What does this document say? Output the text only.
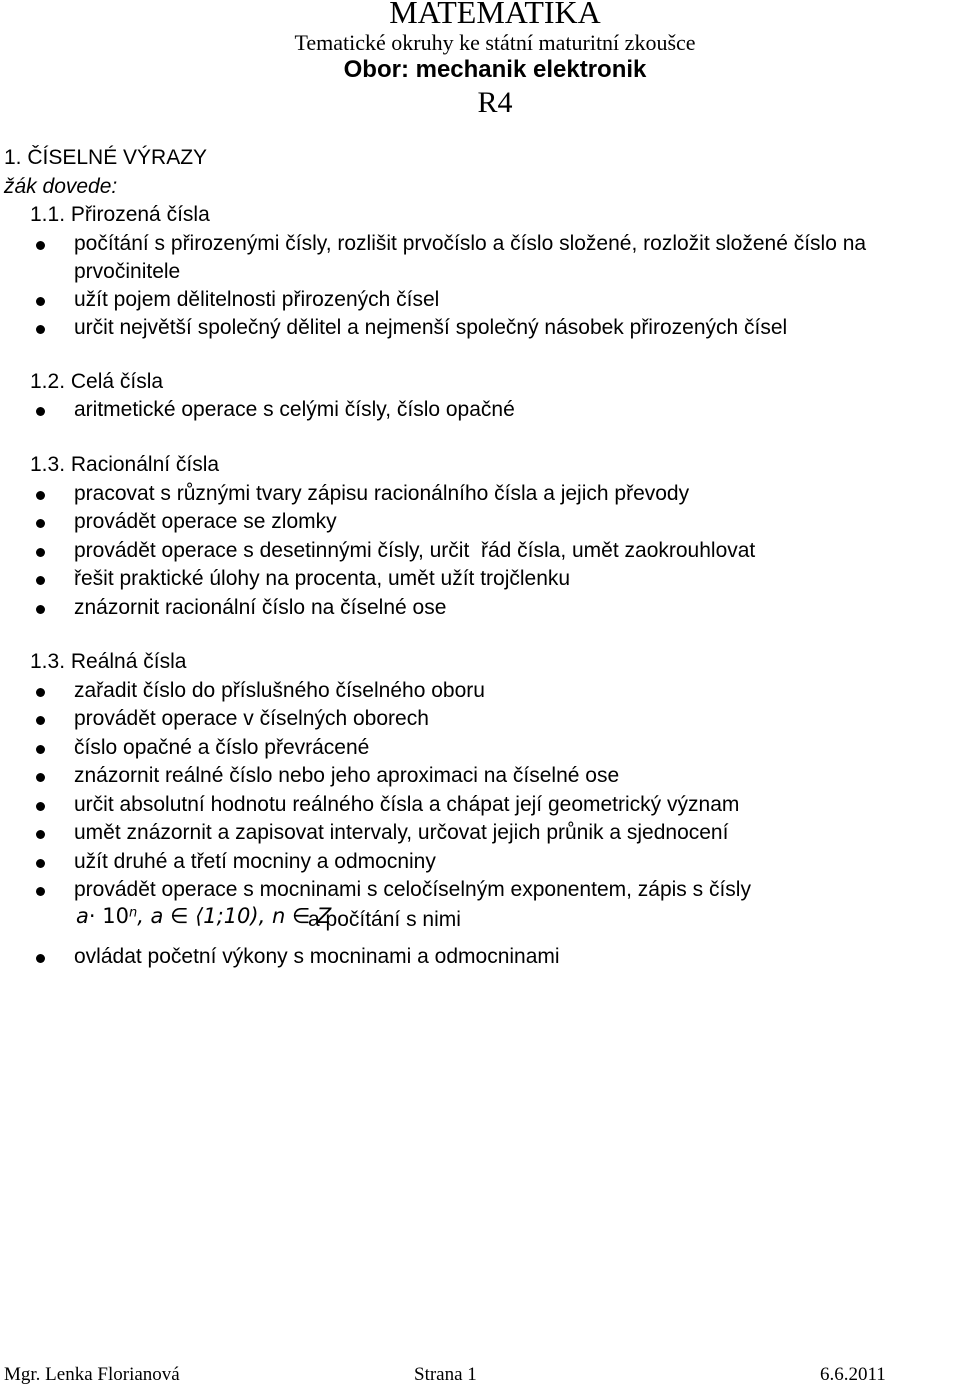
MATEMATIKA
Tematické okruhy ke státní maturitní zkoušce
Obor: mechanik elektronik
R4
1. ČÍSELNÉ VÝRAZY
žák dovede:
1.1. Přirozená čísla
počítání s přirozenými čísly, rozlišit prvočíslo a číslo složené, rozložit složené číslo na
prvočinitele
užít pojem dělitelnosti přirozených čísel
určit největší společný dělitel a nejmenší společný násobek přirozených čísel
1.2. Celá čísla
aritmetické operace s celými čísly, číslo opačné
1.3. Racionální čísla
pracovat s různými tvary zápisu racionálního čísla a jejich převody
provádět operace se zlomky
provádět operace s desetinnými čísly, určit  řád čísla, umět zaokrouhlovat
řešit praktické úlohy na procenta, umět užít trojčlenku
znázornit racionální číslo na číselné ose
1.3. Reálná čísla
zařadit číslo do příslušného číselného oboru
provádět operace v číselných oborech
číslo opačné a číslo převrácené
znázornit reálné číslo nebo jeho aproximaci na číselné ose
určit absolutní hodnotu reálného čísla a chápat její geometrický význam
umět znázornit a zapisovat intervaly, určovat jejich průnik a sjednocení
užít druhé a třetí mocniny a odmocniny
provádět operace s mocninami s celočíselným exponentem, zápis s čísly
$a\cdot 10^n$, a ∈ ⟨1;10), n ∈ Z
a počítání s nimi
ovládat početní výkony s mocninami a odmocninami
Mgr. Lenka Florianová	Strana 1	6.6.2011
